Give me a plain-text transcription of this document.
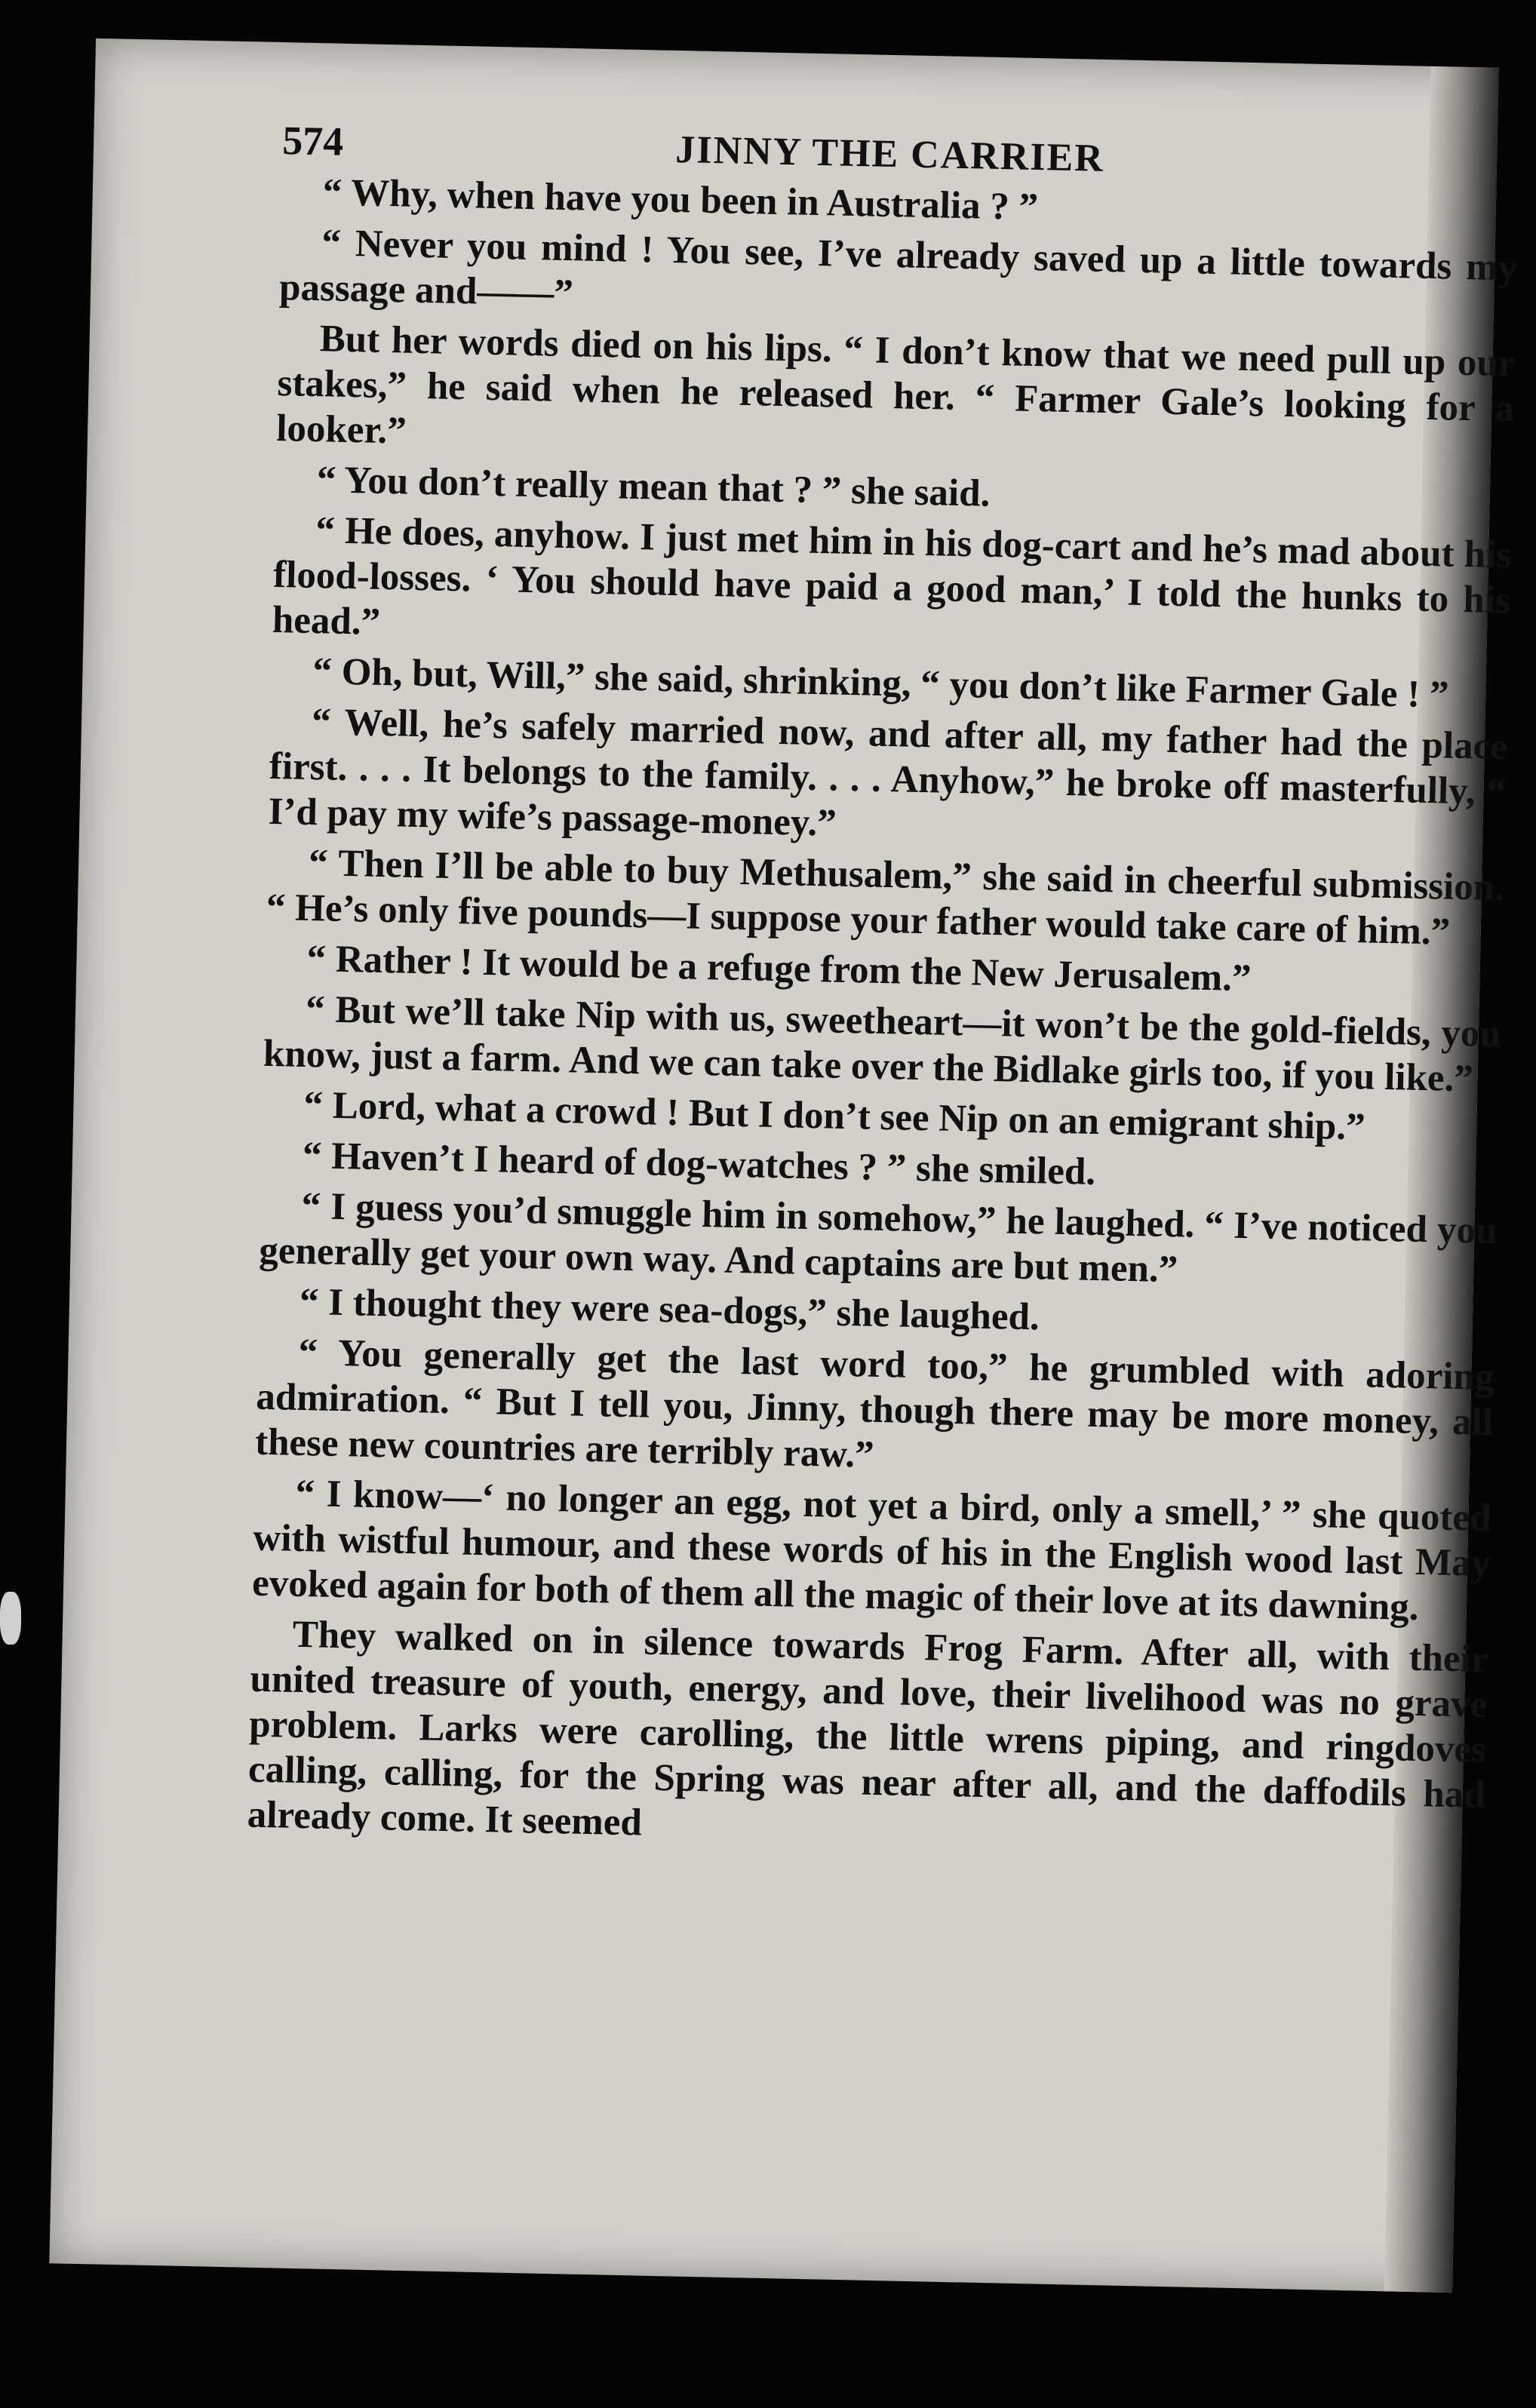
574	JINNY THE CARRIER

“ Why, when have you been in Australia ? ”

“ Never you mind ! You see, I’ve already saved up a little towards my passage and——”

But her words died on his lips. “ I don’t know that we need pull up our stakes,” he said when he released her. “ Farmer Gale’s looking for a looker.”

“ You don’t really mean that ? ” she said.

“ He does, anyhow. I just met him in his dog-cart and he’s mad about his flood-losses. ‘ You should have paid a good man,’ I told the hunks to his head.”

“ Oh, but, Will,” she said, shrinking, “ you don’t like Farmer Gale ! ”

“ Well, he’s safely married now, and after all, my father had the place first. . . . It belongs to the family. . . . Anyhow,” he broke off masterfully, “ I’d pay my wife’s passage-money.”

“ Then I’ll be able to buy Methusalem,” she said in cheerful submission. “ He’s only five pounds—I suppose your father would take care of him.”

“ Rather ! It would be a refuge from the New Jerusalem.”

“ But we’ll take Nip with us, sweetheart—it won’t be the gold-fields, you know, just a farm. And we can take over the Bidlake girls too, if you like.”

“ Lord, what a crowd ! But I don’t see Nip on an emigrant ship.”

“ Haven’t I heard of dog-watches ? ” she smiled.

“ I guess you’d smuggle him in somehow,” he laughed. “ I’ve noticed you generally get your own way. And captains are but men.”

“ I thought they were sea-dogs,” she laughed.

“ You generally get the last word too,” he grumbled with adoring admiration. “ But I tell you, Jinny, though there may be more money, all these new countries are terribly raw.”

“ I know—‘ no longer an egg, not yet a bird, only a smell,’ ” she quoted with wistful humour, and these words of his in the English wood last May evoked again for both of them all the magic of their love at its dawning.

They walked on in silence towards Frog Farm. After all, with their united treasure of youth, energy, and love, their livelihood was no grave problem. Larks were carolling, the little wrens piping, and ringdoves calling, calling, for the Spring was near after all, and the daffodils had already come. It seemed
